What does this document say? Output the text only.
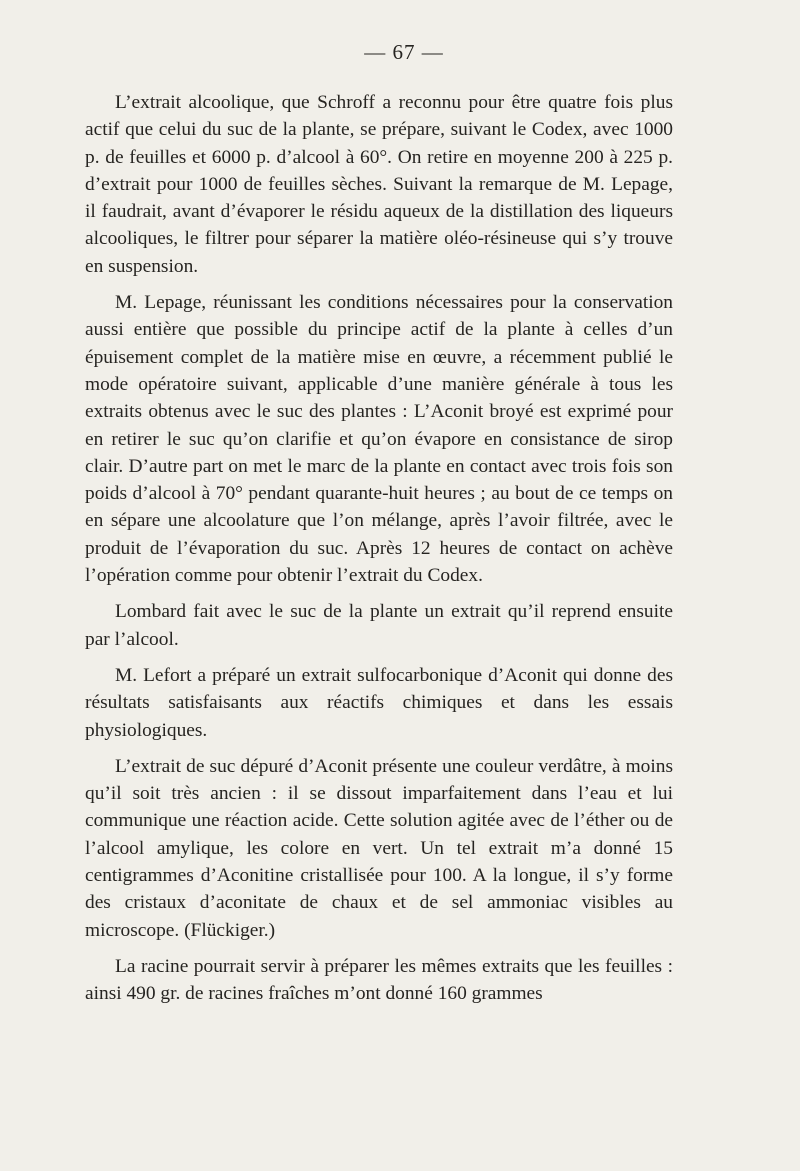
— 67 —

L’extrait alcoolique, que Schroff a reconnu pour être quatre fois plus actif que celui du suc de la plante, se prépare, suivant le Codex, avec 1000 p. de feuilles et 6000 p. d’alcool à 60°. On retire en moyenne 200 à 225 p. d’extrait pour 1000 de feuilles sèches. Suivant la remarque de M. Lepage, il faudrait, avant d’évaporer le résidu aqueux de la distillation des liqueurs alcooliques, le filtrer pour séparer la matière oléo-résineuse qui s’y trouve en suspension.

M. Lepage, réunissant les conditions nécessaires pour la conservation aussi entière que possible du principe actif de la plante à celles d’un épuisement complet de la matière mise en œuvre, a récemment publié le mode opératoire suivant, applicable d’une manière générale à tous les extraits obtenus avec le suc des plantes : L’Aconit broyé est exprimé pour en retirer le suc qu’on clarifie et qu’on évapore en consistance de sirop clair. D’autre part on met le marc de la plante en contact avec trois fois son poids d’alcool à 70° pendant quarante-huit heures ; au bout de ce temps on en sépare une alcoolature que l’on mélange, après l’avoir filtrée, avec le produit de l’évaporation du suc. Après 12 heures de contact on achève l’opération comme pour obtenir l’extrait du Codex.

Lombard fait avec le suc de la plante un extrait qu’il reprend ensuite par l’alcool.

M. Lefort a préparé un extrait sulfocarbonique d’Aconit qui donne des résultats satisfaisants aux réactifs chimiques et dans les essais physiologiques.

L’extrait de suc dépuré d’Aconit présente une couleur verdâtre, à moins qu’il soit très ancien : il se dissout imparfaitement dans l’eau et lui communique une réaction acide. Cette solution agitée avec de l’éther ou de l’alcool amylique, les colore en vert. Un tel extrait m’a donné 15 centigrammes d’Aconitine cristallisée pour 100. A la longue, il s’y forme des cristaux d’aconitate de chaux et de sel ammoniac visibles au microscope. (Flückiger.)

La racine pourrait servir à préparer les mêmes extraits que les feuilles : ainsi 490 gr. de racines fraîches m’ont donné 160 grammes
